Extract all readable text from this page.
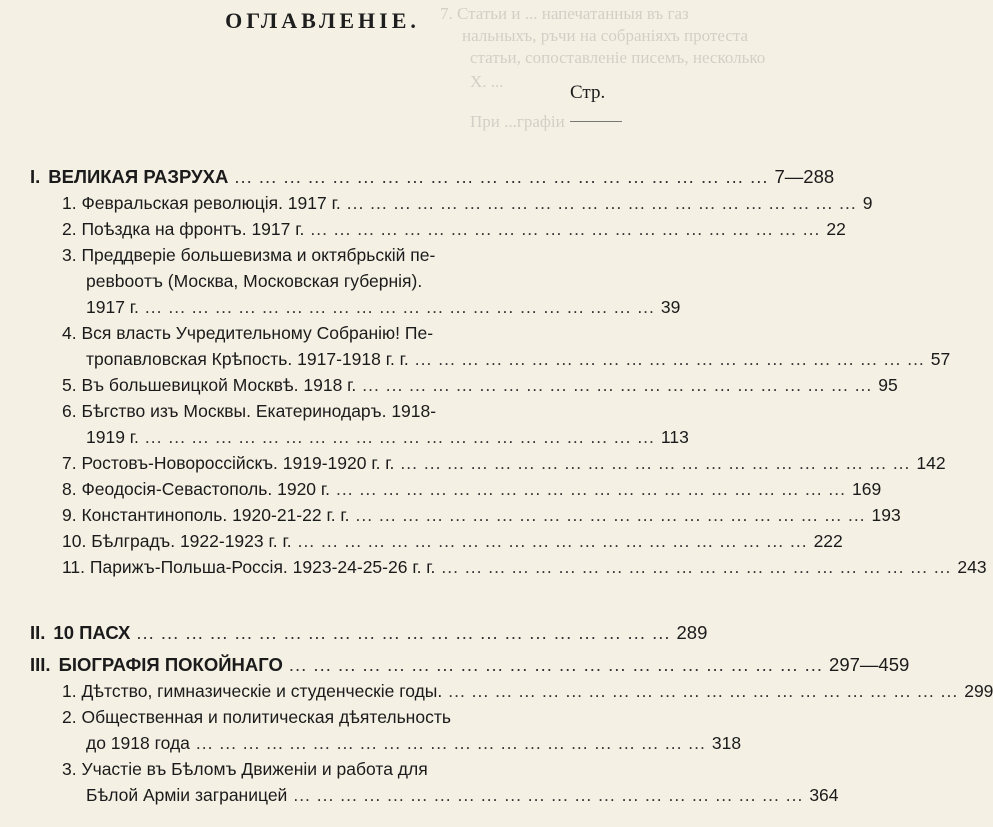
7. Статьи и ... напечатанныя въ газ
нальныхъ, ръчи на собранiяхъ протеста
статьи, сопоставленiе писемъ, несколько
Х. ...
При ...графiи
ОГЛАВЛЕНIЕ.
Стр.
I. ВЕЛИКАЯ РАЗРУХА ... ... ... ... ... ... ... ... ... ... ... ... ... ... ... ... ... ... ... ... ... ... 7—288
1. Февральская революцiя. 1917 г. ... ... ... ... ... ... ... ... ... ... ... ... ... ... ... ... ... ... ... ... ... ... 9
2. Поѣздка на фронтъ. 1917 г. ... ... ... ... ... ... ... ... ... ... ... ... ... ... ... ... ... ... ... ... ... ... 22
3. Преддверiе большевизма и октябрьскiй пе-
ревbooтъ (Москва, Московская губернiя).
1917 г. ... ... ... ... ... ... ... ... ... ... ... ... ... ... ... ... ... ... ... ... ... ... 39
4. Вся власть Учредительному Собранiю! Пе-
тропавловская Крѣпость. 1917-1918 г. г. ... ... ... ... ... ... ... ... ... ... ... ... ... ... ... ... ... ... ... ... ... ... 57
5. Въ большевицкой Москвѣ. 1918 г. ... ... ... ... ... ... ... ... ... ... ... ... ... ... ... ... ... ... ... ... ... ... 95
6. Бѣгство изъ Москвы. Екатеринодаръ. 1918-
1919 г. ... ... ... ... ... ... ... ... ... ... ... ... ... ... ... ... ... ... ... ... ... ... 113
7. Ростовъ-Новороссiйскъ. 1919-1920 г. г. ... ... ... ... ... ... ... ... ... ... ... ... ... ... ... ... ... ... ... ... ... ... 142
8. Феодосiя-Севастополь. 1920 г. ... ... ... ... ... ... ... ... ... ... ... ... ... ... ... ... ... ... ... ... ... ... 169
9. Константинополь. 1920-21-22 г. г. ... ... ... ... ... ... ... ... ... ... ... ... ... ... ... ... ... ... ... ... ... ... 193
10. Бѣлградъ. 1922-1923 г. г. ... ... ... ... ... ... ... ... ... ... ... ... ... ... ... ... ... ... ... ... ... ... 222
11. Парижъ-Польша-Россiя. 1923-24-25-26 г. г. ... ... ... ... ... ... ... ... ... ... ... ... ... ... ... ... ... ... ... ... ... ... 243
II. 10 ПАСХ ... ... ... ... ... ... ... ... ... ... ... ... ... ... ... ... ... ... ... ... ... ... 289
III. БIОГРАФIЯ ПОКОЙНАГО ... ... ... ... ... ... ... ... ... ... ... ... ... ... ... ... ... ... ... ... ... ... 297—459
1. Дѣтство, гимназическiе и студенческiе годы. ... ... ... ... ... ... ... ... ... ... ... ... ... ... ... ... ... ... ... ... ... ... 299
2. Общественная и политическая дѣятельность
до 1918 года ... ... ... ... ... ... ... ... ... ... ... ... ... ... ... ... ... ... ... ... ... ... 318
3. Участiе въ Бѣломъ Движенiи и работа для
Бѣлой Армiи заграницей ... ... ... ... ... ... ... ... ... ... ... ... ... ... ... ... ... ... ... ... ... ... 364
